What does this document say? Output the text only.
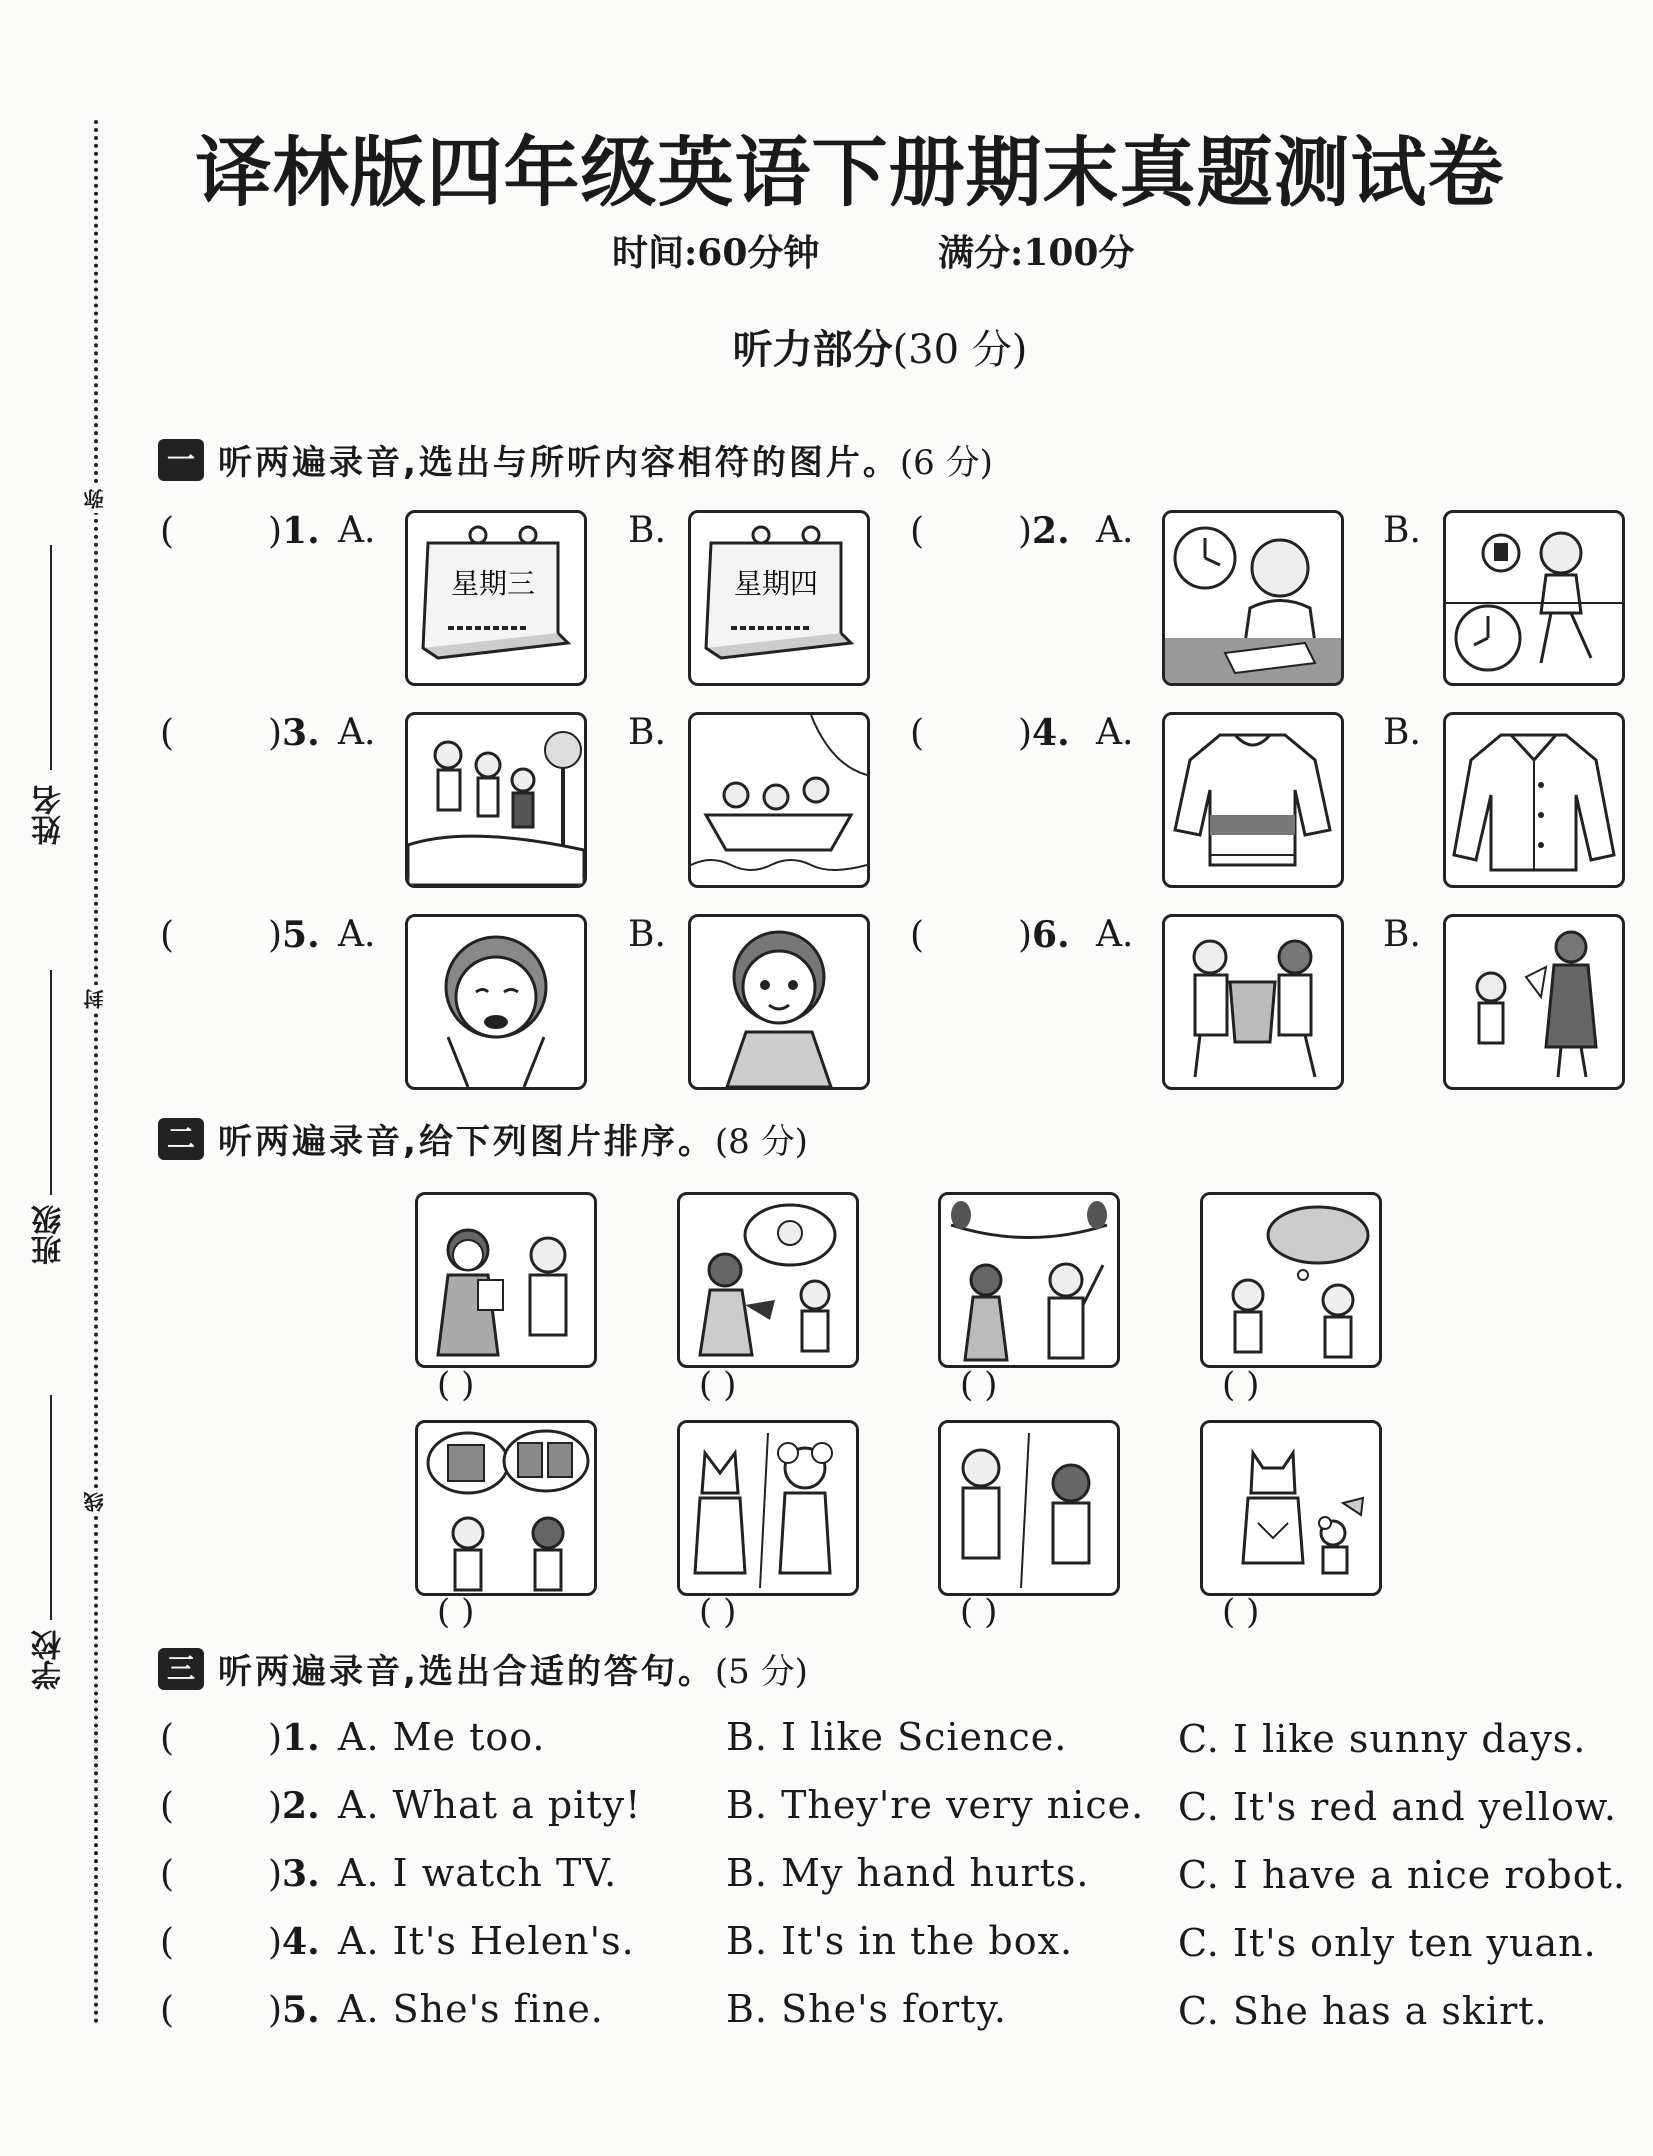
弥
封
线
姓名
班级
学校
译林版四年级英语下册期末真题测试卷
时间:60分钟	满分:100分
听力部分(30 分)
一 听两遍录音,选出与所听内容相符的图片。(6 分)
(	)1. A.	B.	(	)2. A.	B.
星期三	星期四
(	)3. A.	B.	(	)4. A.	B.
(	)5. A.	B.	(	)6. A.	B.
二 听两遍录音,给下列图片排序。(8 分)
( )	( )	( )	( )
( )	( )	( )	( )
三 听两遍录音,选出合适的答句。(5 分)
(	)1. A. Me too.	B. I like Science.	C. I like sunny days.
(	)2. A. What a pity! B. They're very nice. C. It's red and yellow.
(	)3. A. I watch TV.	B. My hand hurts. C. I have a nice robot.
(	)4. A. It's Helen's. B. It's in the box.	C. It's only ten yuan.
(	)5. A. She's fine.	B. She's forty.	C. She has a skirt.
